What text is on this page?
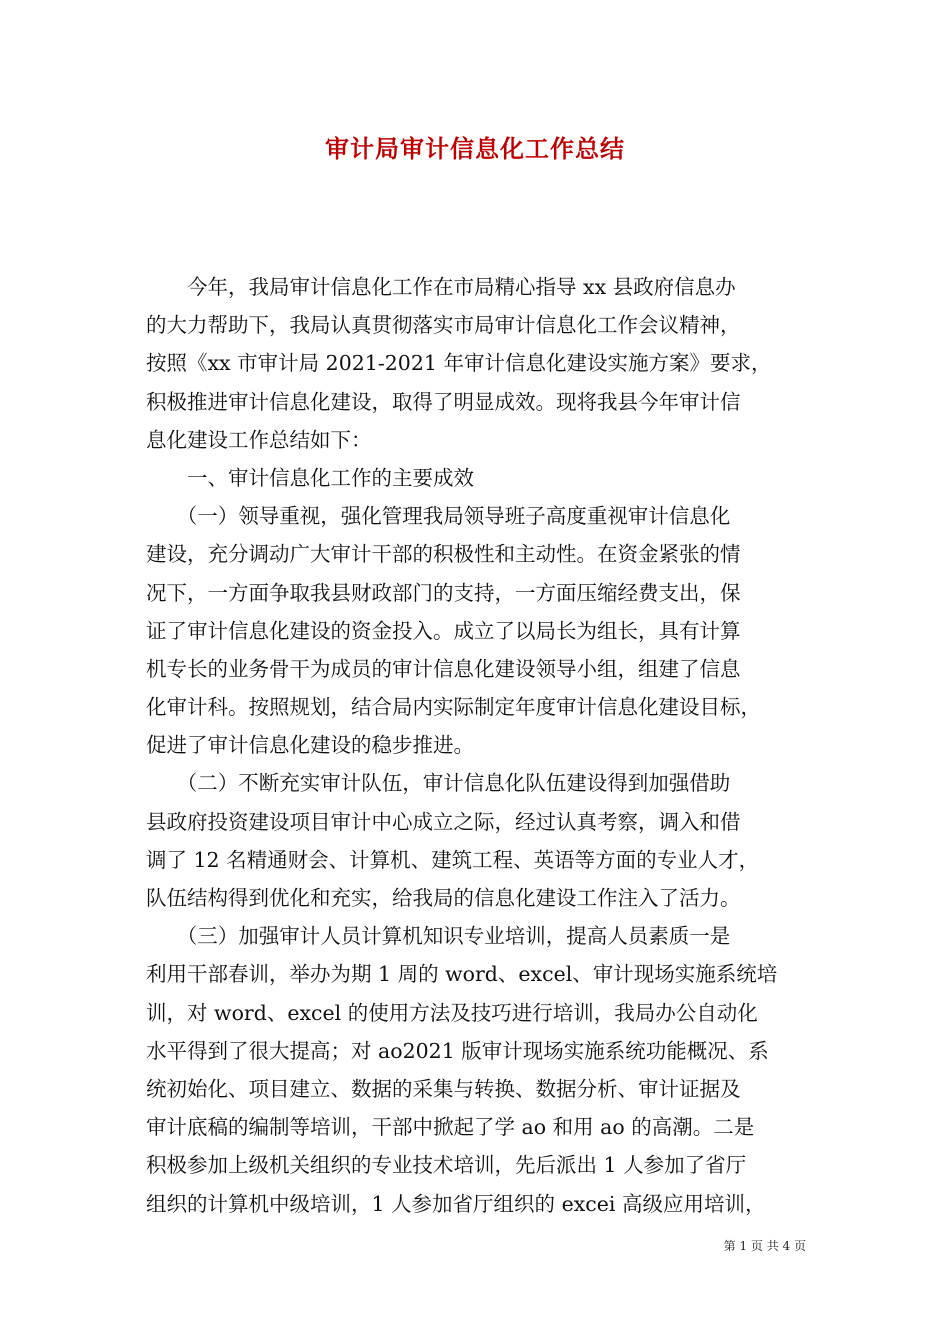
审计局审计信息化工作总结
　　今年，我局审计信息化工作在市局精心指导 xx 县政府信息办
的大力帮助下，我局认真贯彻落实市局审计信息化工作会议精神，
按照《xx 市审计局 2021-2021 年审计信息化建设实施方案》要求，
积极推进审计信息化建设，取得了明显成效。现将我县今年审计信
息化建设工作总结如下：
　　一、审计信息化工作的主要成效
　　（一）领导重视，强化管理我局领导班子高度重视审计信息化
建设，充分调动广大审计干部的积极性和主动性。在资金紧张的情
况下，一方面争取我县财政部门的支持，一方面压缩经费支出，保
证了审计信息化建设的资金投入。成立了以局长为组长，具有计算
机专长的业务骨干为成员的审计信息化建设领导小组，组建了信息
化审计科。按照规划，结合局内实际制定年度审计信息化建设目标，
促进了审计信息化建设的稳步推进。
　　（二）不断充实审计队伍，审计信息化队伍建设得到加强借助
县政府投资建设项目审计中心成立之际，经过认真考察，调入和借
调了 12 名精通财会、计算机、建筑工程、英语等方面的专业人才，
队伍结构得到优化和充实，给我局的信息化建设工作注入了活力。
　　（三）加强审计人员计算机知识专业培训，提高人员素质一是
利用干部春训，举办为期 1 周的 word、excel、审计现场实施系统培
训，对 word、excel 的使用方法及技巧进行培训，我局办公自动化
水平得到了很大提高；对 ao2021 版审计现场实施系统功能概况、系
统初始化、项目建立、数据的采集与转换、数据分析、审计证据及
审计底稿的编制等培训，干部中掀起了学 ao 和用 ao 的高潮。二是
积极参加上级机关组织的专业技术培训，先后派出 1 人参加了省厅
组织的计算机中级培训，1 人参加省厅组织的 excei 高级应用培训，
第 1 页 共 4 页
